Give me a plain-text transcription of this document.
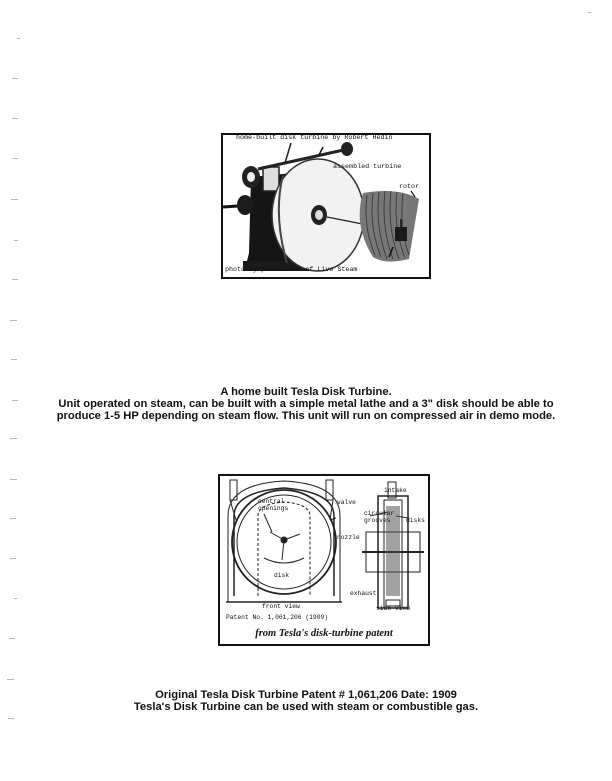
home-built disk turbine by Robert Hedin
assembled turbine
rotor
photo by permission of Live Steam
A home built Tesla Disk Turbine.
Unit operated on steam, can be built with a simple metal lathe and a 3" disk should be able to
produce 1-5 HP depending on steam flow. This unit will run on compressed air in demo mode.
central
openings
disk
valve
nozzle
intake
circular
grooves disks
exhaust
front view	side view
Patent No. 1,061,206 (1909)
from Tesla's disk-turbine patent
Original Tesla Disk Turbine Patent # 1,061,206 Date: 1909
Tesla's Disk Turbine can be used with steam or combustible gas.
